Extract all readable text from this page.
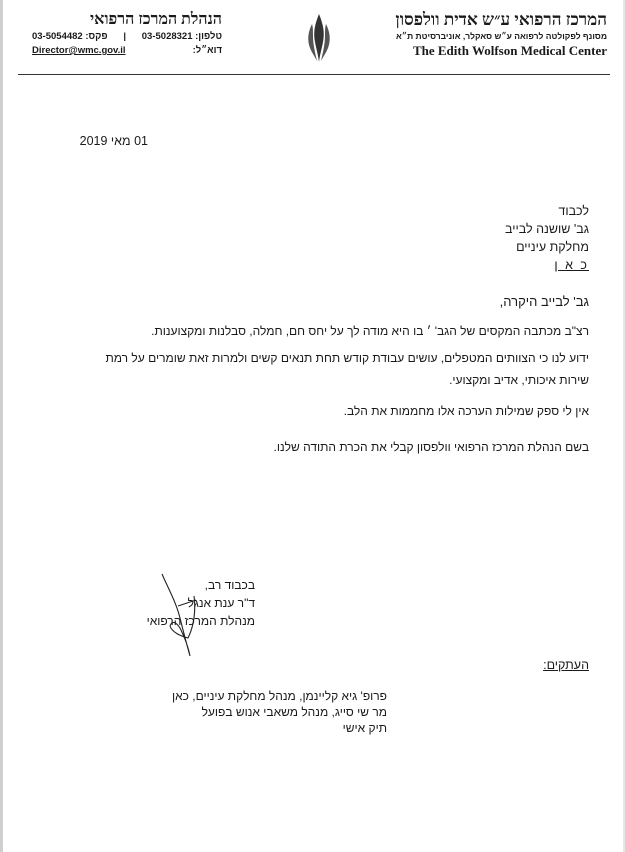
המרכז הרפואי ע״ש אדית וולפסון
מסונף לפקולטה לרפואה ע״ש סאקלר, אוניברסיטת ת״א
The Edith Wolfson Medical Center
הנהלת המרכז הרפואי
טלפון: 03-5028321
|
פקס: 03-5054482
דוא״ל:
Director@wmc.gov.il
01 מאי 2019
לכבוד
גב' שושנה לבייב
מחלקת עיניים
כ א ן
גב' לבייב היקרה,
רצ"ב מכתבה המקסים של הגב' ׳ בו היא מודה לך על יחס חם, חמלה, סבלנות ומקצוענות.
ידוע לנו כי הצוותים המטפלים, עושים עבודת קודש תחת תנאים קשים ולמרות זאת שומרים על רמת
שירות איכותי, אדיב ומקצועי.
אין לי ספק שמילות הערכה אלו מחממות את הלב.
בשם הנהלת המרכז הרפואי וולפסון קבלי את הכרת התודה שלנו.
בכבוד רב,
ד"ר ענת אנגל
מנהלת המרכז הרפואי
העתקים:
פרופ' גיא קליינמן, מנהל מחלקת עיניים, כאן
מר שי סייג, מנהל משאבי אנוש בפועל
תיק אישי
